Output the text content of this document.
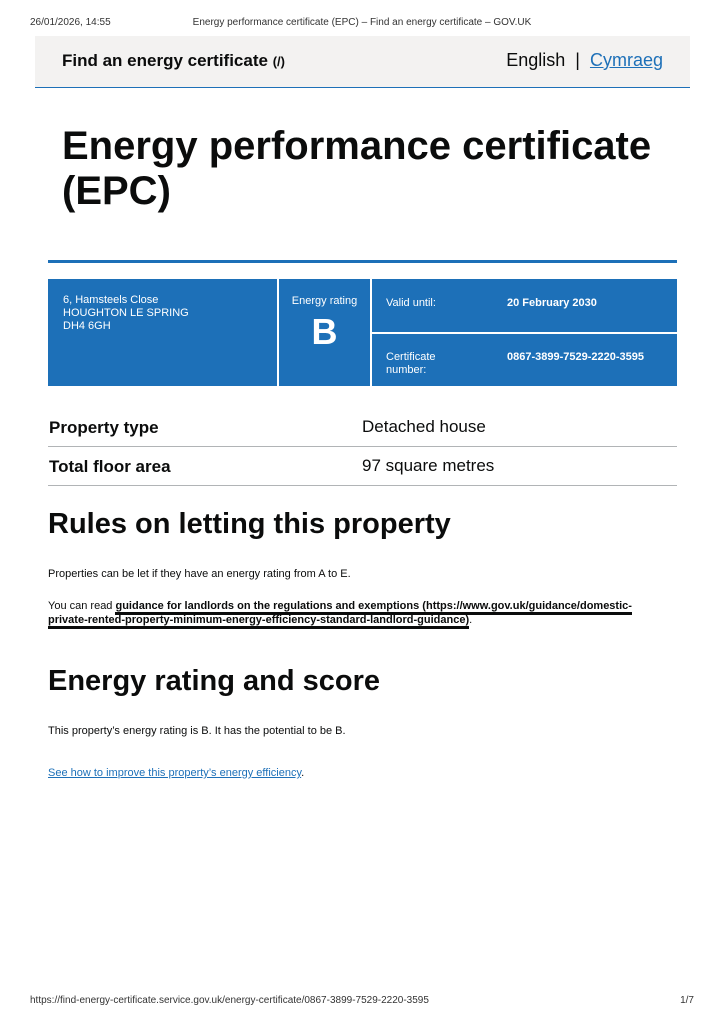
26/01/2026, 14:55	Energy performance certificate (EPC) – Find an energy certificate – GOV.UK
Find an energy certificate (/)	English | Cymraeg
Energy performance certificate (EPC)
6, Hamsteels Close
HOUGHTON LE SPRING
DH4 6GH
Energy rating
B
Valid until:	20 February 2030
Certificate number:
0867-3899-7529-2220-3595
Property type	Detached house
Total floor area	97 square metres
Rules on letting this property

Properties can be let if they have an energy rating from A to E.

You can read guidance for landlords on the regulations and exemptions (https://www.gov.uk/guidance/domestic-private-rented-property-minimum-energy-efficiency-standard-landlord-guidance).

Energy rating and score

This property’s energy rating is B. It has the potential to be B.

See how to improve this property’s energy efficiency.

https://find-energy-certificate.service.gov.uk/energy-certificate/0867-3899-7529-2220-3595	1/7
